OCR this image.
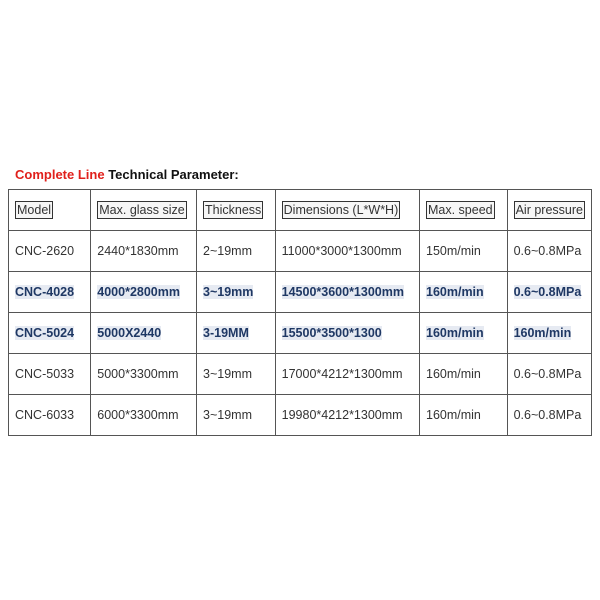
Complete Line Technical Parameter:
Model	Max. glass size	Thickness	Dimensions (L*W*H)	Max. speed	Air pressure
CNC-2620	2440*1830mm	2~19mm	11000*3000*1300mm	150m/min	0.6~0.8MPa
CNC-4028	4000*2800mm	3~19mm	14500*3600*1300mm	160m/min	0.6~0.8MPa
CNC-5024	5000X2440	3-19MM	15500*3500*1300	160m/min	160m/min
CNC-5033	5000*3300mm	3~19mm	17000*4212*1300mm	160m/min	0.6~0.8MPa
CNC-6033	6000*3300mm	3~19mm	19980*4212*1300mm	160m/min	0.6~0.8MPa
